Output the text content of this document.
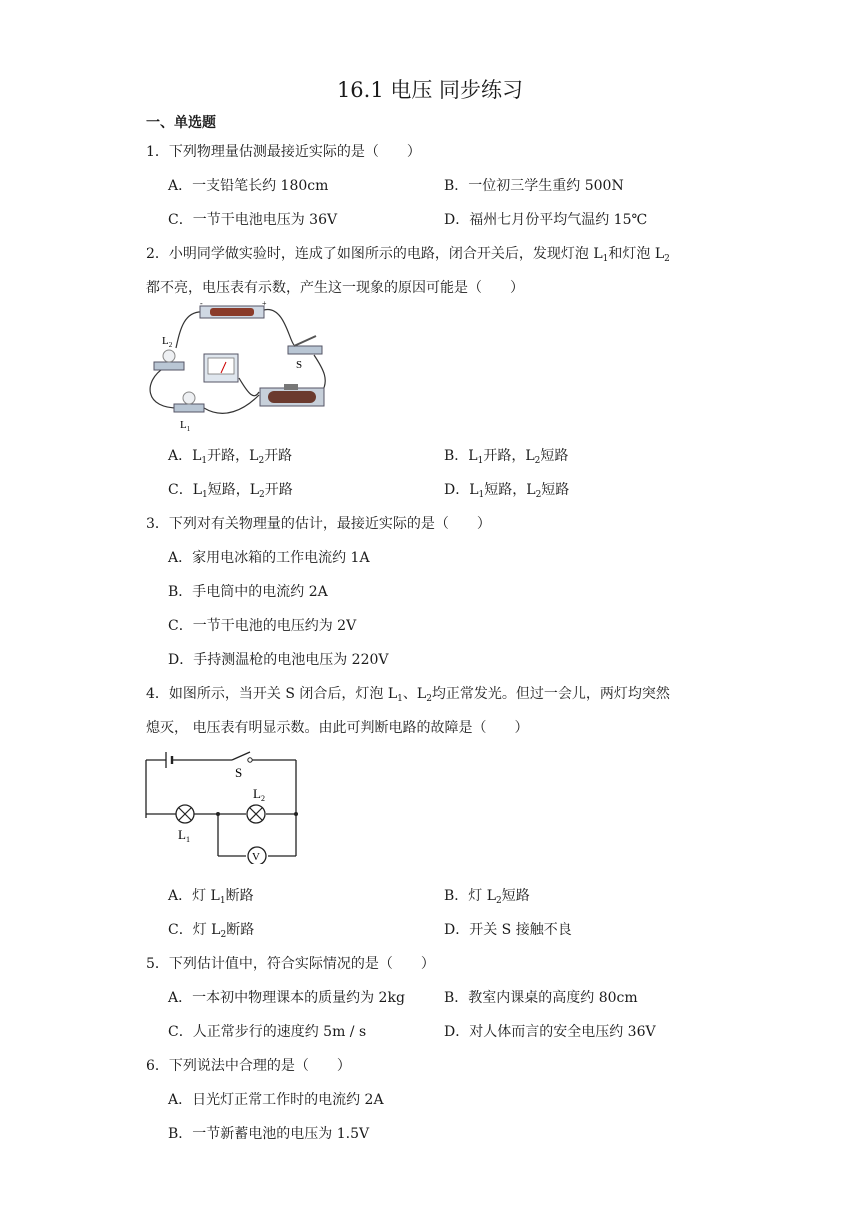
16.1 电压 同步练习
一、单选题
1．下列物理量估测最接近实际的是（　　）
A．一支铅笔长约 180cm	B．一位初三学生重约 500N
C．一节干电池电压为 36V	D．福州七月份平均气温约 15℃
2．小明同学做实验时，连成了如图所示的电路，闭合开关后，发现灯泡 $L_1$和灯泡 $L_2$
都不亮，电压表有示数，产生这一现象的原因可能是（　　）
-	+
$L_2$
S
$L_1$
A．$L_1$开路，$L_2$开路	B．$L_1$开路，$L_2$短路
C．$L_1$短路，$L_2$开路	D．$L_1$短路，$L_2$短路
3．下列对有关物理量的估计，最接近实际的是（　　）
A．家用电冰箱的工作电流约 1A
B．手电筒中的电流约 2A
C．一节干电池的电压约为 2V
D．手持测温枪的电池电压为 220V
4．如图所示，当开关 S 闭合后，灯泡 $L_1$、$L_2$均正常发光。但过一会儿，两灯均突然
熄灭， 电压表有明显示数。由此可判断电路的故障是（　　）
V
S
$L_2$
$L_1$
A．灯 $L_1$断路	B．灯 $L_2$短路
C．灯 $L_2$断路	D．开关 S 接触不良
5．下列估计值中，符合实际情况的是（　　）
A．一本初中物理课本的质量约为 2kg	B．教室内课桌的高度约 80cm
C．人正常步行的速度约 5m / s	D．对人体而言的安全电压约 36V
6．下列说法中合理的是（　　）
A．日光灯正常工作时的电流约 2A
B．一节新蓄电池的电压为 1.5V
